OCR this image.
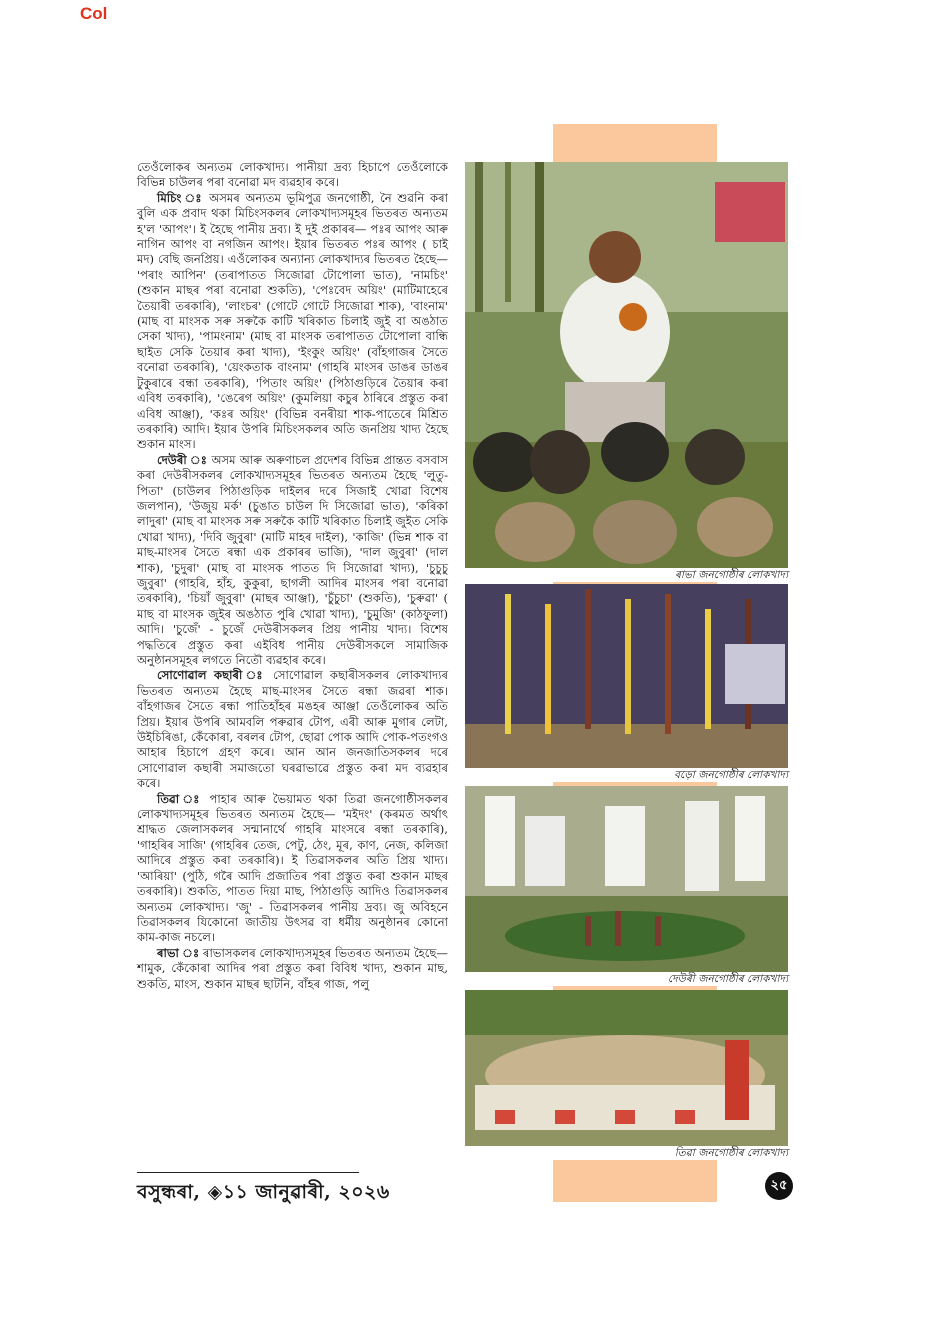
Col

তেওঁলোকৰ অন্যতম লোকখাদ্য। পানীয়া দ্ৰব্য হিচাপে তেওঁলোকে বিভিন্ন চাউলৰ পৰা বনোৱা মদ ব্যৱহাৰ কৰে।

মিচিং ঃ অসমৰ অন্যতম ভূমিপুত্ৰ জনগোষ্ঠী, নৈ শুৱনি কৰা বুলি এক প্ৰবাদ থকা মিচিংসকলৰ লোকখাদ্যসমূহৰ ভিতৰত অন্যতম হ'ল 'আপং'। ই হৈছে পানীয় দ্ৰব্য। ই দুই প্ৰকাৰৰ— পঃৰ আপং আৰু নাগিন আপং বা নগজিন আপং। ইয়াৰ ভিতৰত পঃৰ আপং ( চাই মদ) বেছি জনপ্ৰিয়। এওঁলোকৰ অন্যান্য লোকখাদ্যৰ ভিতৰত হৈছে— 'পৰাং আপিন' (তৰাপাতত সিজোৱা টোপোলা ভাত), 'নামচিং' (শুকান মাছৰ পৰা বনোৱা শুকতি), 'পেঃবেদ অয়িং' (মাটিমাহেৰে তৈয়াৰী তৰকাৰি), 'লাংচৰ' (গোটে গোটে সিজোৱা শাক), 'বাংনাম' (মাছ বা মাংসক সৰু সৰুকৈ কাটি খৰিকাত চিলাই জুই বা অঙঠাত সেকা খাদ্য), 'পামংনাম' (মাছ বা মাংসক তৰাপাতত টোপোলা বান্ধি ছাইত সেকি তৈয়াৰ কৰা খাদ্য), 'ইংকুং অয়িং' (বাঁহগাজৰ সৈতে বনোৱা তৰকাৰি), 'য়েংকতাক বাংনাম' (গাহৰি মাংসৰ ডাঙৰ ডাঙৰ টুকুৰাৰে বন্ধা তৰকাৰি), 'পিতাং অয়িং' (পিঠাগুড়িৰে তৈয়াৰ কৰা এবিধ তৰকাৰি), 'ঙেৰেগ অয়িং' (কুমলিয়া কচুৰ ঠাৰিৰে প্ৰস্তুত কৰা এবিধ আঞ্জা), 'কঃৰ অয়িং' (বিভিন্ন বনৰীয়া শাক-পাতেৰে মিশ্ৰিত তৰকাৰি) আদি। ইয়াৰ উপৰি মিচিংসকলৰ অতি জনপ্ৰিয় খাদ্য হৈছে শুকান মাংস।

দেউৰী ঃ অসম আৰু অৰুণাচল প্ৰদেশৰ বিভিন্ন প্ৰান্তত বসবাস কৰা দেউৰীসকলৰ লোকখাদ্যসমূহৰ ভিতৰত অন্যতম হৈছে 'লুতু-পিতা' (চাউলৰ পিঠাগুড়িক দাইলৰ দৰে সিজাই খোৱা বিশেষ জলপান), 'উজুয় মৰ্ক' (চুঙাত চাউল দি সিজোৱা ভাত), 'কৰিকা লাদুৰা' (মাছ বা মাংসক সৰু সৰুকৈ কাটি খৰিকাত চিলাই জুইত সেকি খোৱা খাদ্য), 'দিবি জুবুৰা' (মাটি মাহৰ দাইল), 'কাজি' (ভিন্ন শাক বা মাছ-মাংসৰ সৈতে ৰন্ধা এক প্ৰকাৰৰ ভাজি), 'দাল জুবুৰা' (দাল শাক), 'চুদুৰা' (মাছ বা মাংসক পাতত দি সিজোৱা খাদ্য), 'চুচুচু জুবুৰা' (গাহৰি, হাঁহ, কুকুৰা, ছাগলী আদিৰ মাংসৰ পৰা বনোৱা তৰকাৰি), 'চিয়াঁ জুবুৰা' (মাছৰ আঞ্জা), 'চুঁচুচা' (শুকতি), 'চুৰুৱা' ( মাছ বা মাংসক জুইৰ অঙঠাত পুৰি খোৱা খাদ্য), 'চুমুজি' (কাঠফুলা) আদি। 'চুজেঁ' - চুজেঁ দেউৰীসকলৰ প্ৰিয় পানীয় খাদ্য। বিশেষ পদ্ধতিৰে প্ৰস্তুত কৰা এইবিধ পানীয় দেউৰীসকলে সামাজিক অনুষ্ঠানসমূহৰ লগতে নিতৌ ব্যৱহাৰ কৰে।

সোণোৱাল কছাৰী ঃ সোণোৱাল কছাৰীসকলৰ লোকখাদ্যৰ ভিতৰত অন্যতম হৈছে মাছ-মাংসৰ সৈতে ৰন্ধা জৱৰা শাক। বাঁহগাজৰ সৈতে ৰন্ধা পাতিহাঁহৰ মঙহৰ আঞ্জা তেওঁলোকৰ অতি প্ৰিয়। ইয়াৰ উপৰি আমবলি পৰুৱাৰ টোপ, এৰী আৰু মুগাৰ লেটা, উইচিৰিঙা, কেঁকোৰা, বৰলৰ টোপ, ছোৱা পোক আদি পোক-পতংগও আহাৰ হিচাপে গ্ৰহণ কৰে। আন আন জনজাতিসকলৰ দৰে সোণোৱাল কছাৰী সমাজতো ঘৰৱাভাৱে প্ৰস্তুত কৰা মদ ব্যৱহাৰ কৰে।

তিৱা ঃ পাহাৰ আৰু ভৈয়ামত থকা তিৱা জনগোষ্ঠীসকলৰ লোকখাদ্যসমূহৰ ভিতৰত অন্যতম হৈছে— 'মইদং' (কৰমত অৰ্থাৎ শ্ৰাদ্ধত জেলাসকলৰ সন্মানাৰ্থে গাহৰি মাংসৰে ৰন্ধা তৰকাৰি), 'গাহৰিৰ সাজি' (গাহৰিৰ তেজ, পেটু, ঠেং, মূৰ, কাণ, নেজ, কলিজা আদিৰে প্ৰস্তুত কৰা তৰকাৰি)। ই তিৱাসকলৰ অতি প্ৰিয় খাদ্য। 'আৰিয়া' (পুঠি, গৰৈ আদি প্ৰজাতিৰ পৰা প্ৰস্তুত কৰা শুকান মাছৰ তৰকাৰি)। শুকতি, পাতত দিয়া মাছ, পিঠাগুড়ি আদিও তিৱাসকলৰ অন্যতম লোকখাদ্য। 'জু' - তিৱাসকলৰ পানীয় দ্ৰব্য। জু অবিহনে তিৱাসকলৰ যিকোনো জাতীয় উৎসৱ বা ধৰ্মীয় অনুষ্ঠানৰ কোনো কাম-কাজ নচলে।

ৰাভা ঃ ৰাভাসকলৰ লোকখাদ্যসমূহৰ ভিতৰত অন্যতম হৈছে— শামুক, কেঁকোৰা আদিৰ পৰা প্ৰস্তুত কৰা বিবিধ খাদ্য, শুকান মাছ, শুকতি, মাংস, শুকান মাছৰ ছাটনি, বাঁহৰ গাজ, পলু

ৰাভা জনগোষ্ঠীৰ লোকখাদ্য
বড়ো জনগোষ্ঠীৰ লোকখাদ্য
দেউৰী জনগোষ্ঠীৰ লোকখাদ্য
তিৱা জনগোষ্ঠীৰ লোকখাদ্য
বসুন্ধৰা, ◈১১ জানুৱাৰী, ২০২৬	২৫
